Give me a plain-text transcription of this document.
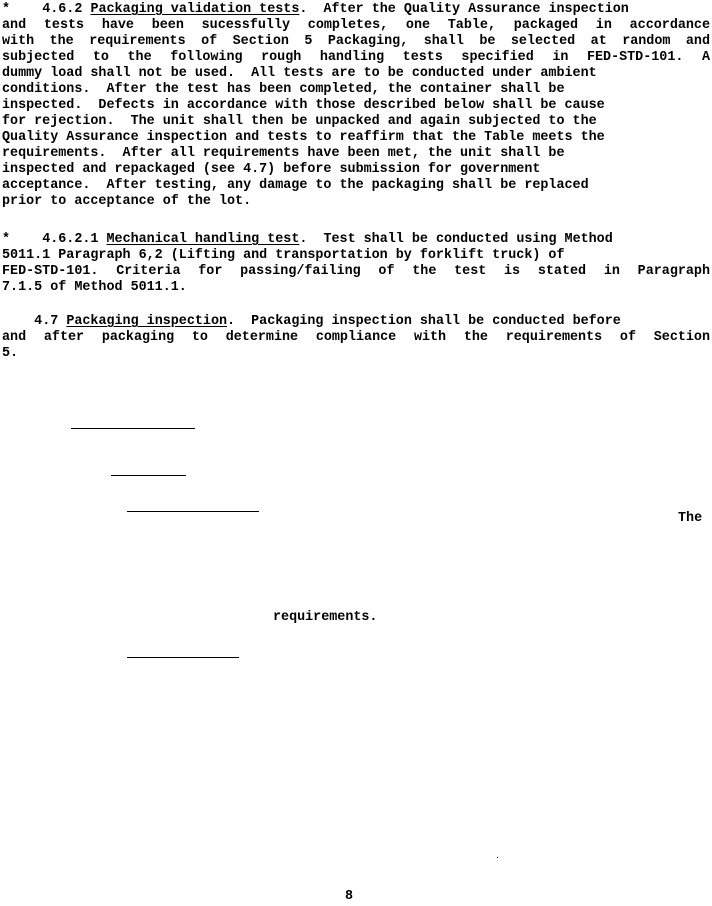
* 4.6.2 Packaging validation tests.  After the Quality Assurance inspection
and tests have been sucessfully completes, one Table, packaged in accordance
with the requirements of Section 5 Packaging, shall be selected at random and
subjected to the following rough handling tests specified in FED-STD-101. A
dummy load shall not be used.  All tests are to be conducted under ambient
conditions.  After the test has been completed, the container shall be
inspected.  Defects in accordance with those described below shall be cause
for rejection.  The unit shall then be unpacked and again subjected to the
Quality Assurance inspection and tests to reaffirm that the Table meets the
requirements.  After all requirements have been met, the unit shall be
inspected and repackaged (see 4.7) before submission for government
acceptance.  After testing, any damage to the packaging shall be replaced
prior to acceptance of the lot.
* 4.6.2.1 Mechanical handling test.  Test shall be conducted using Method
5011.1 Paragraph 6,2 (Lifting and transportation by forklift truck) of
FED-STD-101. Criteria for passing/failing of the test is stated in Paragraph
7.1.5 of Method 5011.1.
4.7 Packaging inspection.  Packaging inspection shall be conducted before
and after packaging to determine compliance with the requirements of Section
5.
The
requirements.
8
